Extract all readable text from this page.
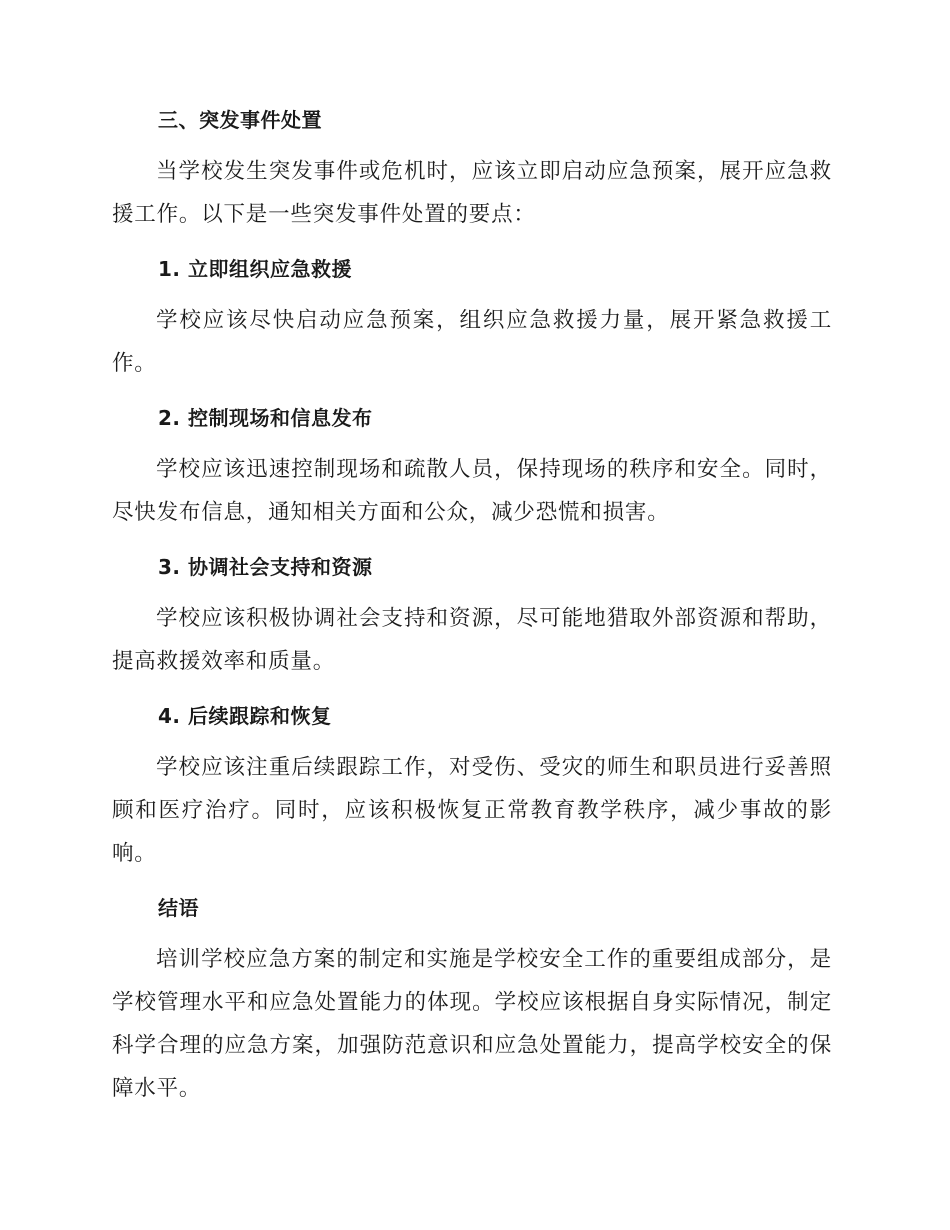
三、突发事件处置

当学校发生突发事件或危机时，应该立即启动应急预案，展开应急救援工作。以下是一些突发事件处置的要点：

1. 立即组织应急救援

学校应该尽快启动应急预案，组织应急救援力量，展开紧急救援工作。

2. 控制现场和信息发布

学校应该迅速控制现场和疏散人员，保持现场的秩序和安全。同时，尽快发布信息，通知相关方面和公众，减少恐慌和损害。

3. 协调社会支持和资源

学校应该积极协调社会支持和资源，尽可能地猎取外部资源和帮助，提高救援效率和质量。

4. 后续跟踪和恢复

学校应该注重后续跟踪工作，对受伤、受灾的师生和职员进行妥善照顾和医疗治疗。同时，应该积极恢复正常教育教学秩序，减少事故的影响。

结语

培训学校应急方案的制定和实施是学校安全工作的重要组成部分，是学校管理水平和应急处置能力的体现。学校应该根据自身实际情况，制定科学合理的应急方案，加强防范意识和应急处置能力，提高学校安全的保障水平。
